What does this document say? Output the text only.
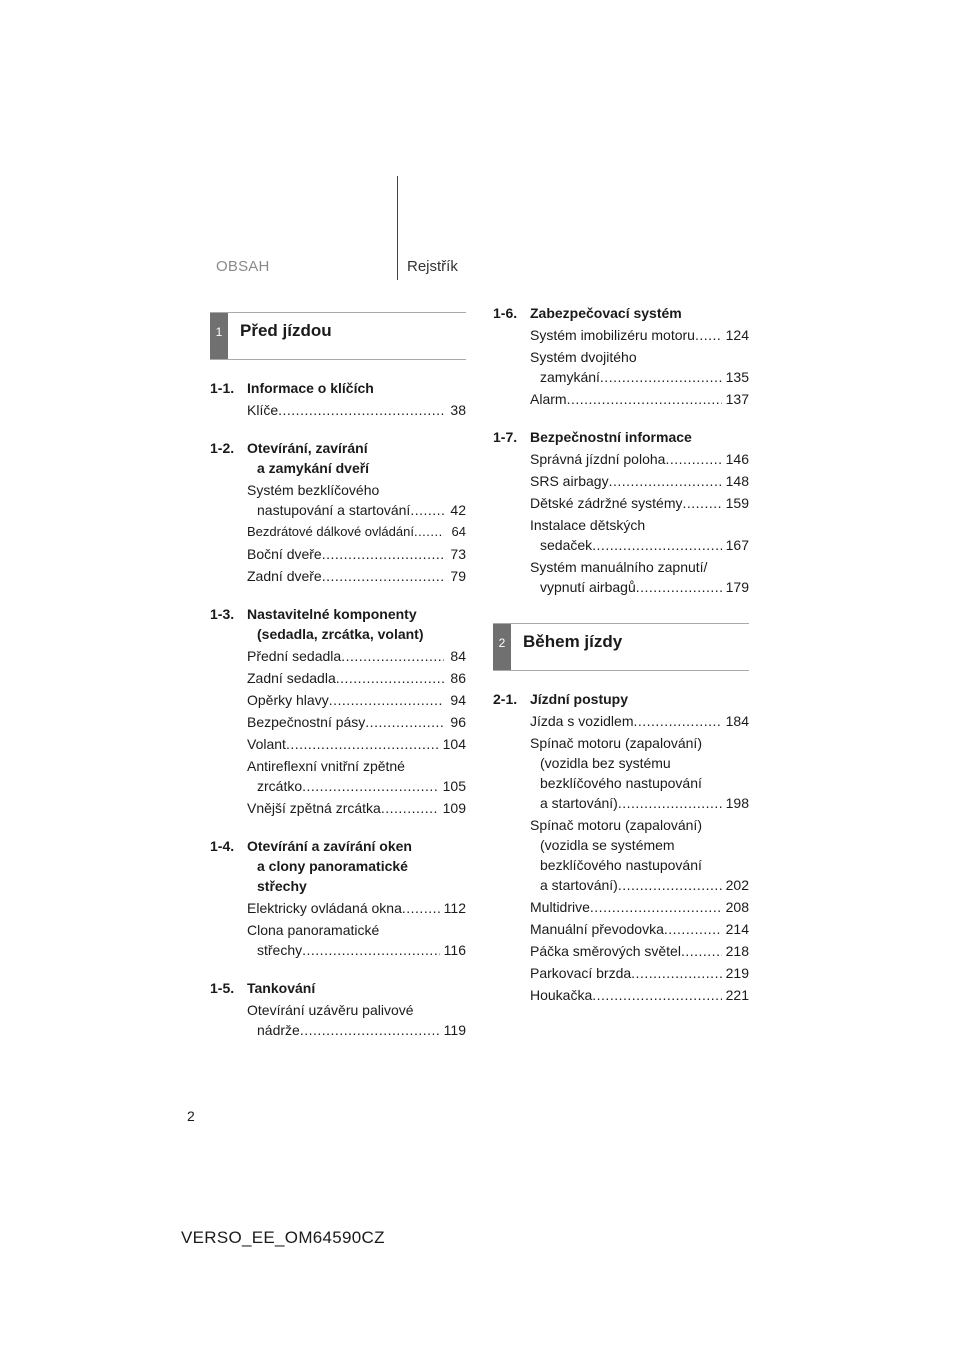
OBSAH	Rejstřík
1	Před jízdou
1-1. Informace o klíčích
Klíče .....	38
1-2. Otevírání, zavírání
a zamykání dveří
Systém bezklíčového
nastupování a startování .....	42
Bezdrátové dálkové ovládání .....	64
Boční dveře .....	73
Zadní dveře .....	79
1-3. Nastavitelné komponenty
(sedadla, zrcátka, volant)
Přední sedadla .....	84
Zadní sedadla .....	86
Opěrky hlavy .....	94
Bezpečnostní pásy .....	96
Volant .....	104
Antireflexní vnitřní zpětné
zrcátko .....	105
Vnější zpětná zrcátka .....	109
1-4. Otevírání a zavírání oken
a clony panoramatické
střechy
Elektricky ovládaná okna .....	112
Clona panoramatické
střechy .....	116
1-5. Tankování
Otevírání uzávěru palivové
nádrže .....	119
1-6. Zabezpečovací systém
Systém imobilizéru motoru ..... 124
Systém dvojitého
zamykání .....	135
Alarm .....	137
1-7. Bezpečnostní informace
Správná jízdní poloha .....	146
SRS airbagy .....	148
Dětské zádržné systémy .....	159
Instalace dětských
sedaček .....	167
Systém manuálního zapnutí/
vypnutí airbagů .....	179
2	Během jízdy
2-1. Jízdní postupy
Jízda s vozidlem .....	184
Spínač motoru (zapalování)
(vozidla bez systému
bezklíčového nastupování
a startování) .....	198
Spínač motoru (zapalování)
(vozidla se systémem
bezklíčového nastupování
a startování) .....	202
Multidrive .....	208
Manuální převodovka .....	214
Páčka směrových světel .....	218
Parkovací brzda .....	219
Houkačka .....	221
2
VERSO_EE_OM64590CZ
